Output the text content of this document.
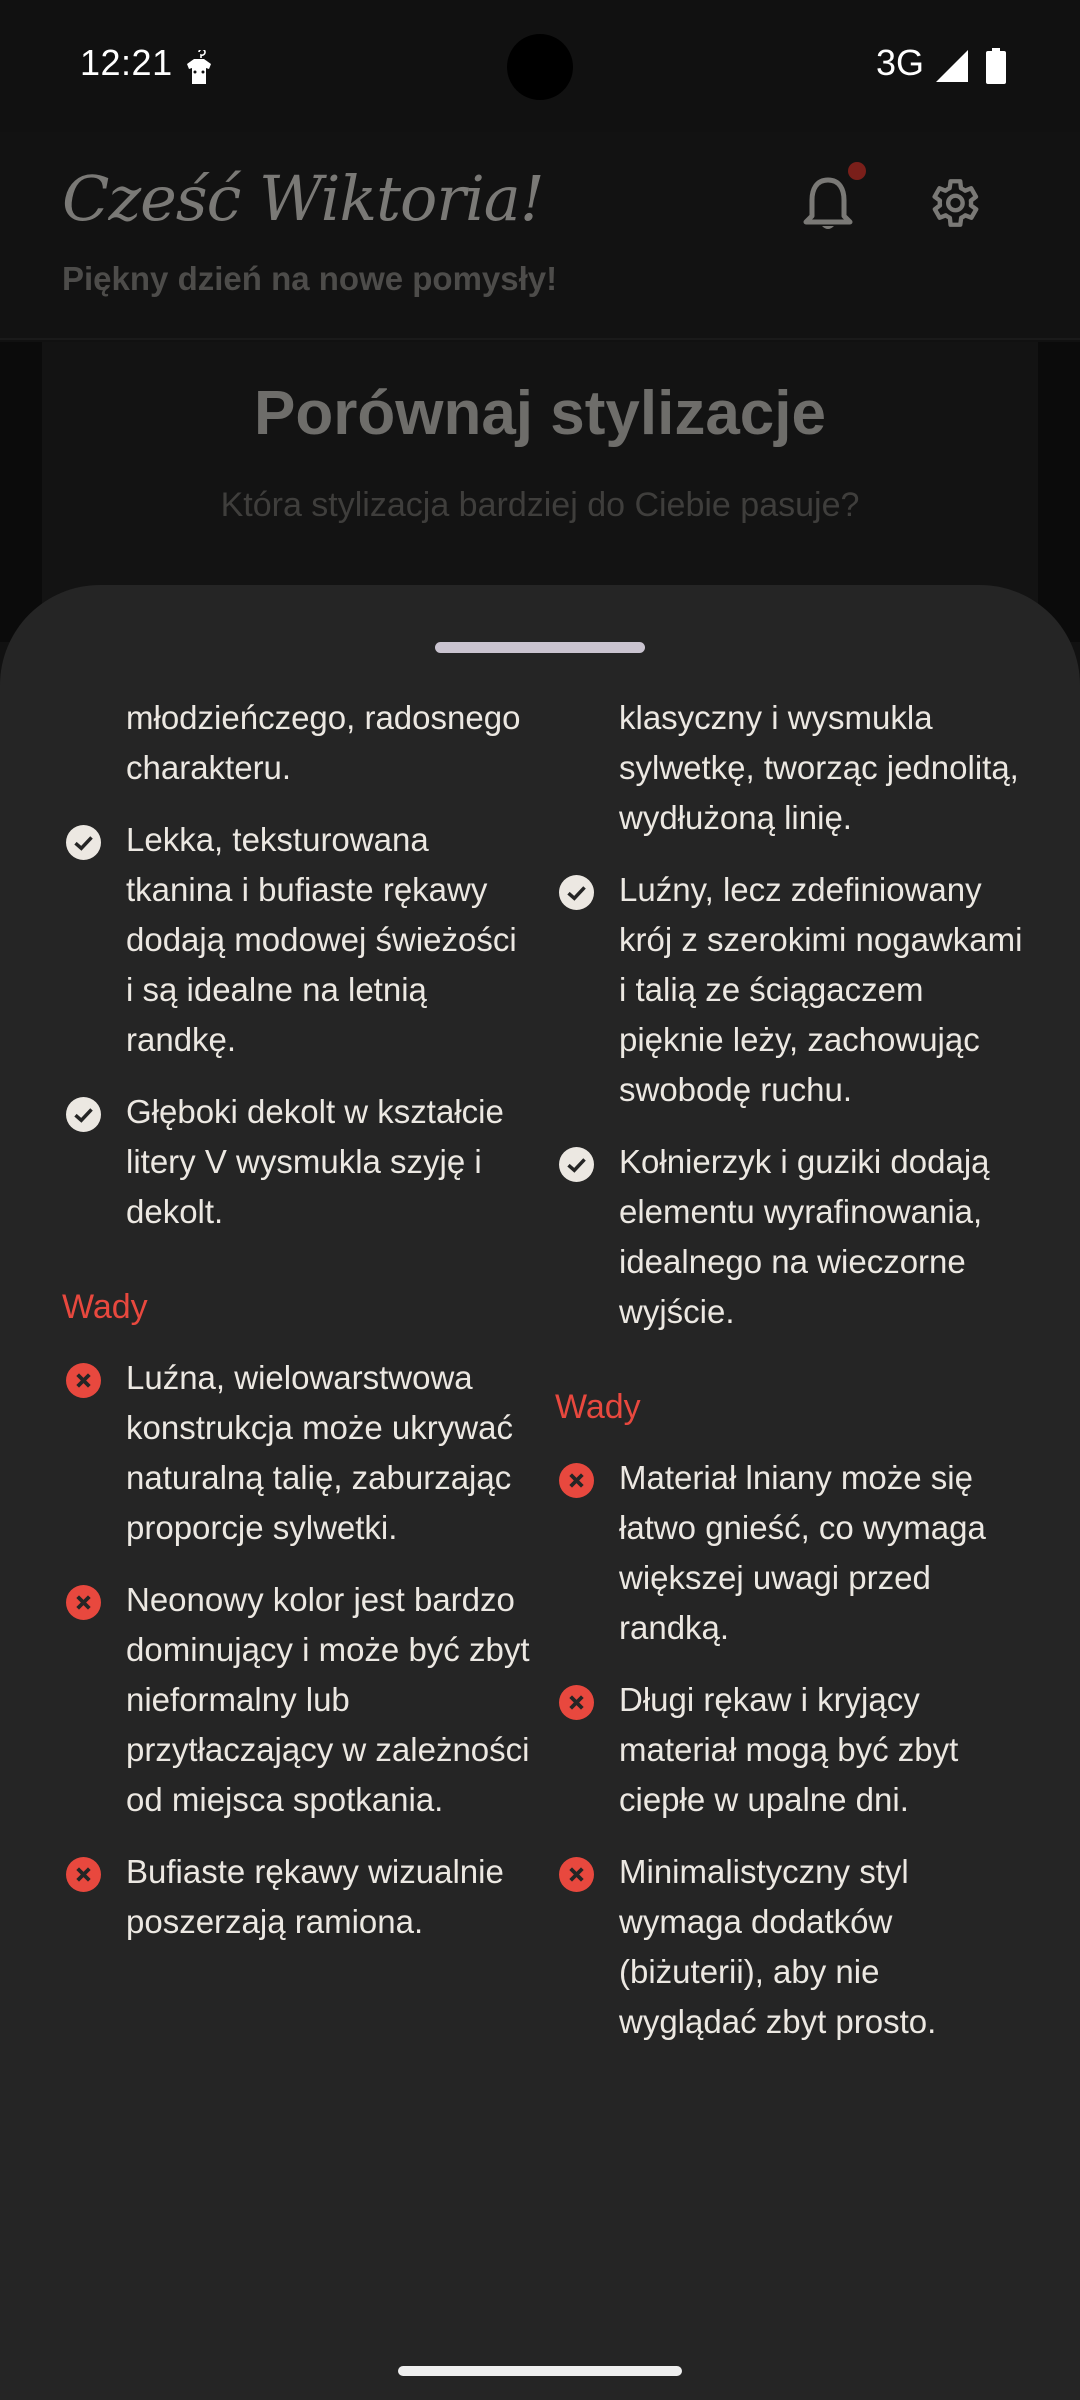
12:21	3G
Cześć Wiktoria!
Piękny dzień na nowe pomysły!
Porównaj stylizacje
Która stylizacja bardziej do Ciebie pasuje?
młodzieńczego, radosnego charakteru.
Lekka, teksturowana tkanina i bufiaste rękawy dodają modowej świeżości i są idealne na letnią randkę.
Głęboki dekolt w kształcie litery V wysmukla szyję i dekolt.
Wady
Luźna, wielowarstwowa konstrukcja może ukrywać naturalną talię, zaburzając proporcje sylwetki.
Neonowy kolor jest bardzo dominujący i może być zbyt nieformalny lub przytłaczający w zależności od miejsca spotkania.
Bufiaste rękawy wizualnie poszerzają ramiona.
klasyczny i wysmukla sylwetkę, tworząc jednolitą, wydłużoną linię.
Luźny, lecz zdefiniowany krój z szerokimi nogawkami i talią ze ściągaczem pięknie leży, zachowując swobodę ruchu.
Kołnierzyk i guziki dodają elementu wyrafinowania, idealnego na wieczorne wyjście.
Wady
Materiał lniany może się łatwo gnieść, co wymaga większej uwagi przed randką.
Długi rękaw i kryjący materiał mogą być zbyt ciepłe w upalne dni.
Minimalistyczny styl wymaga dodatków (biżuterii), aby nie wyglądać zbyt prosto.
